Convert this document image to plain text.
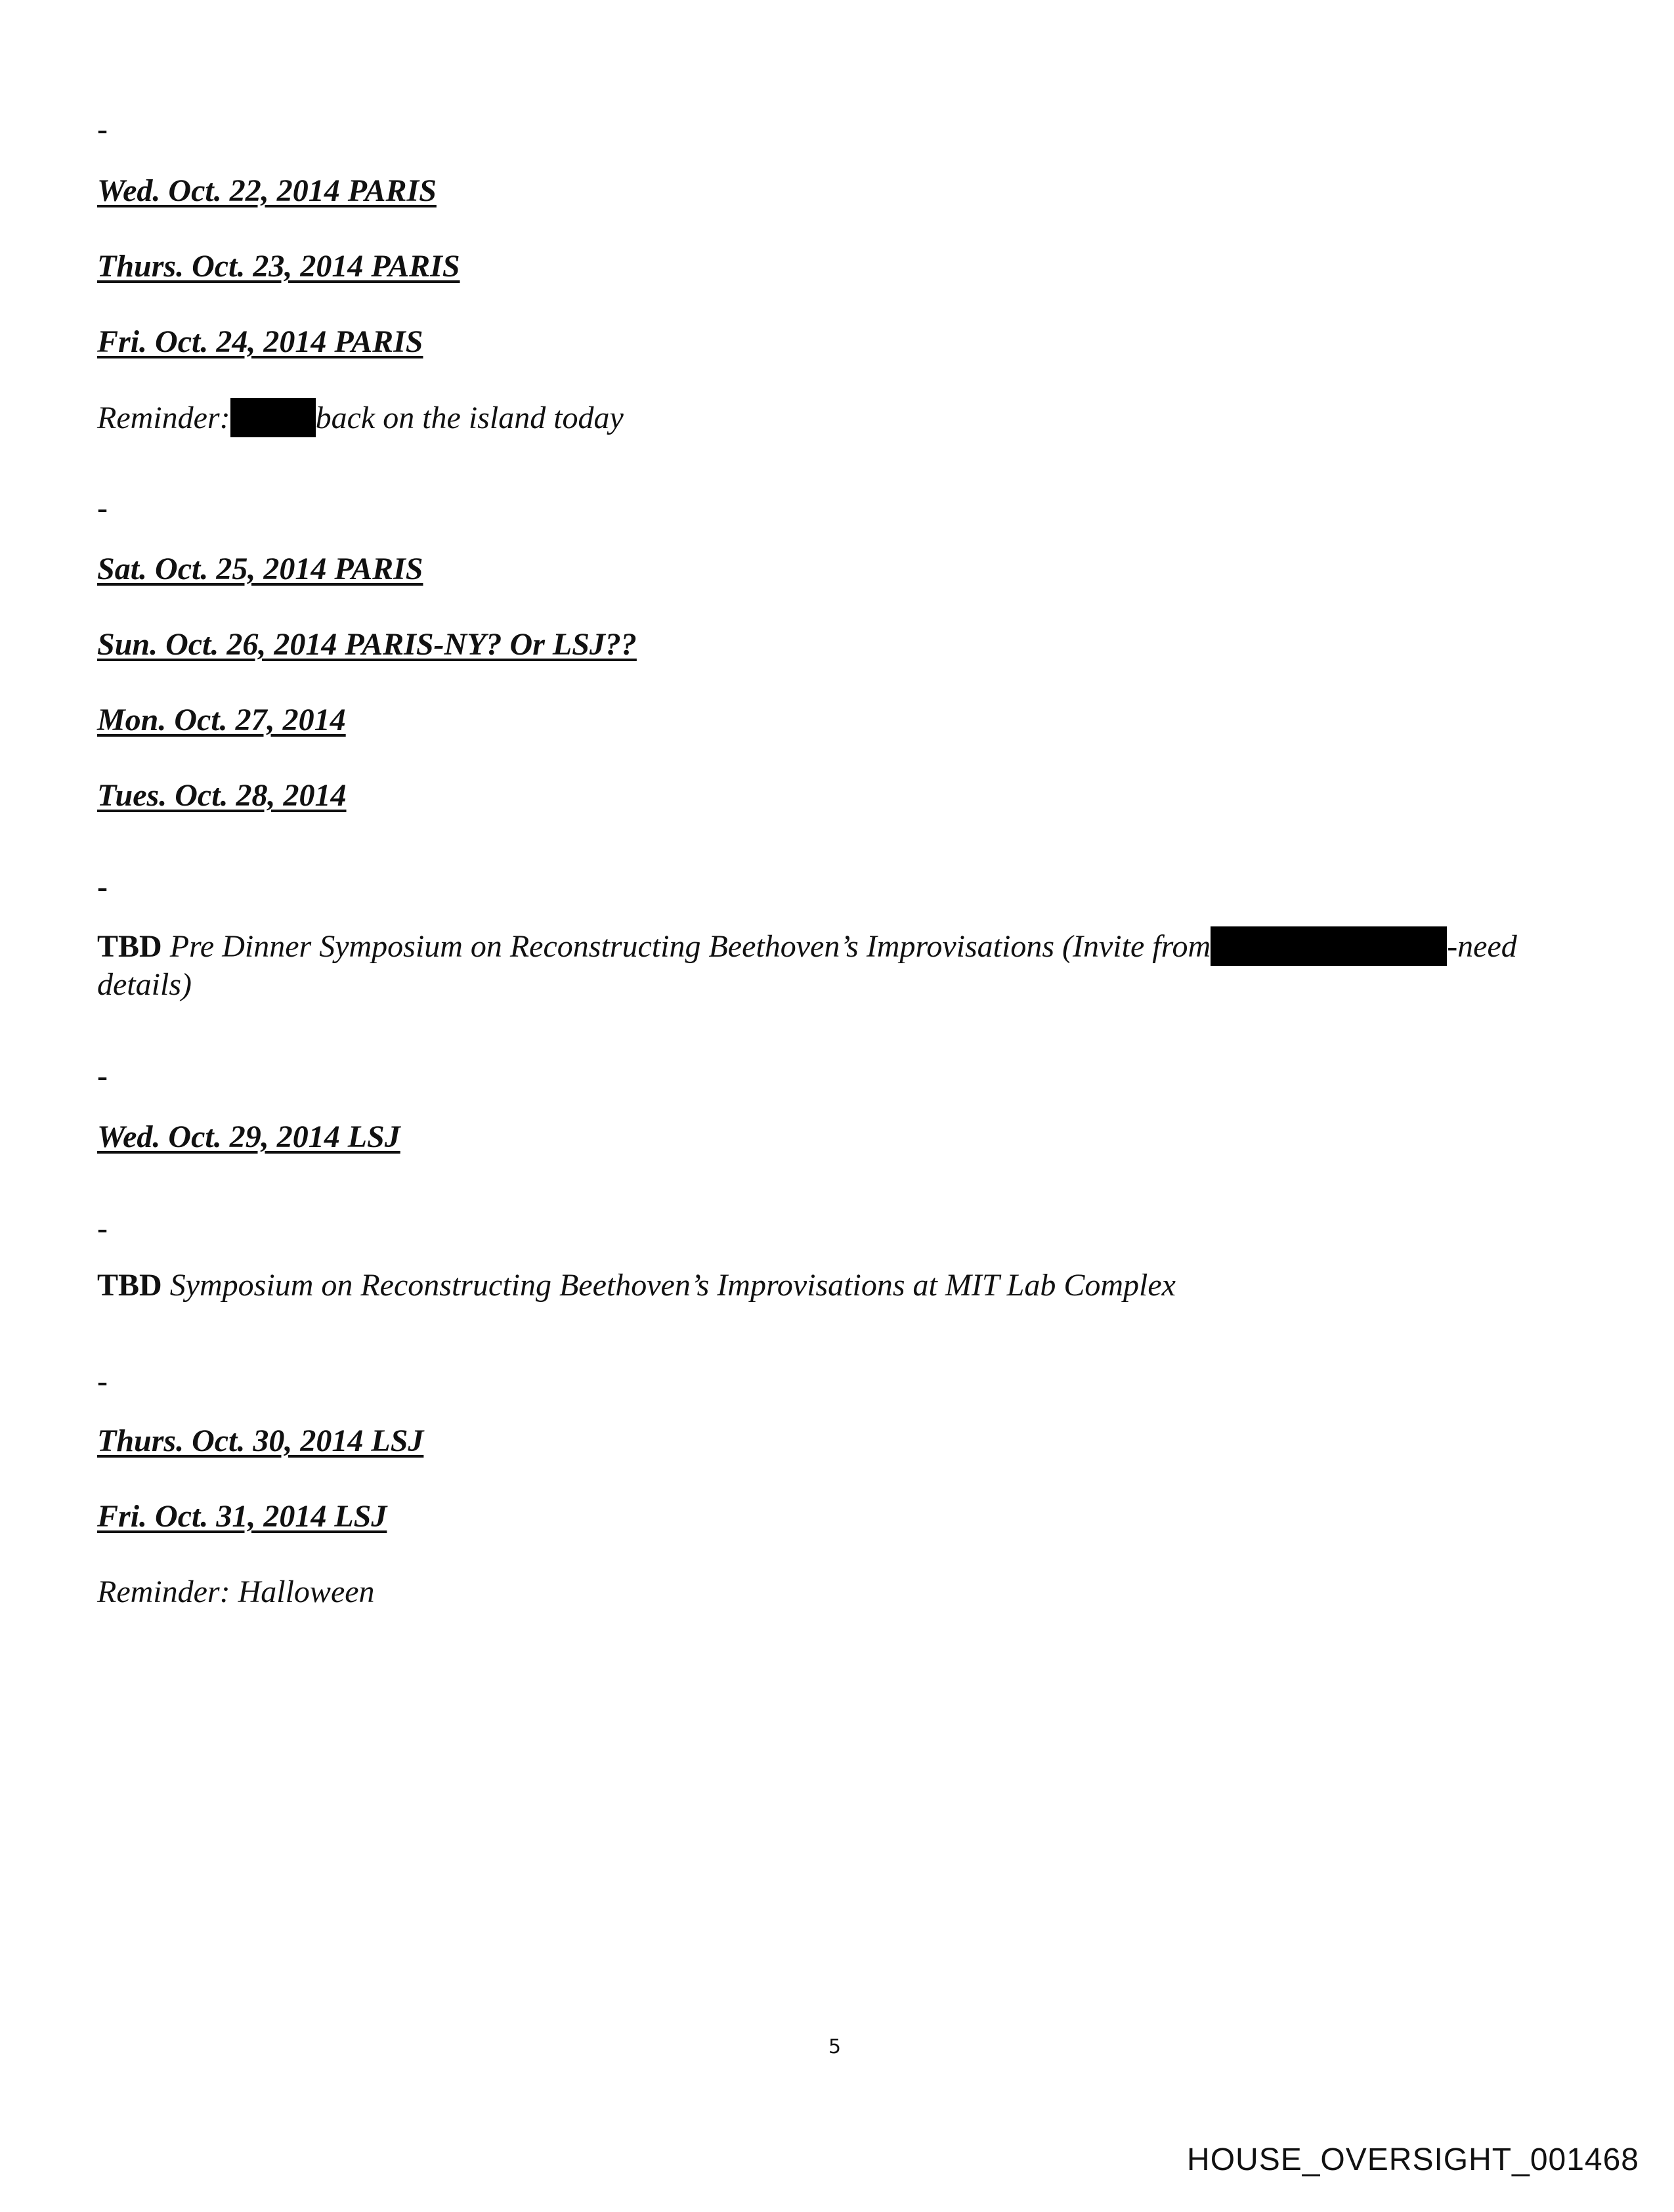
-
Wed. Oct. 22, 2014 PARIS
Thurs. Oct. 23, 2014 PARIS
Fri. Oct. 24, 2014 PARIS
Reminder:	back on the island today
-
Sat. Oct. 25, 2014 PARIS
Sun. Oct. 26, 2014 PARIS-NY? Or LSJ??
Mon. Oct. 27, 2014
Tues. Oct. 28, 2014
-
TBD Pre Dinner Symposium on Reconstructing Beethoven’s Improvisations (Invite from	-need details)
-
Wed. Oct. 29, 2014 LSJ
-
TBD Symposium on Reconstructing Beethoven’s Improvisations at MIT Lab Complex
-
Thurs. Oct. 30, 2014 LSJ
Fri. Oct. 31, 2014 LSJ
Reminder: Halloween
5
HOUSE_OVERSIGHT_001468
